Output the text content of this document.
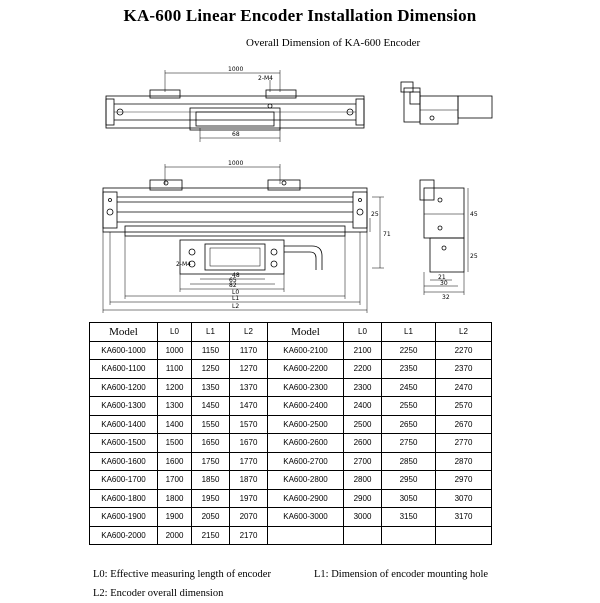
KA-600 Linear Encoder Installation Dimension
Overall Dimension of KA-600 Encoder
1000
2-M4
68
1000
48
65
82
L0
L1
L2
2-M4
71
25	45
25
21
30
32
Model	L0	L1	L2	Model	L0	L1	L2
KA600-1000	1000	1150	1170	KA600-2100	2100	2250	2270
KA600-1100	1100	1250	1270	KA600-2200	2200	2350	2370
KA600-1200	1200	1350	1370	KA600-2300	2300	2450	2470
KA600-1300	1300	1450	1470	KA600-2400	2400	2550	2570
KA600-1400	1400	1550	1570	KA600-2500	2500	2650	2670
KA600-1500	1500	1650	1670	KA600-2600	2600	2750	2770
KA600-1600	1600	1750	1770	KA600-2700	2700	2850	2870
KA600-1700	1700	1850	1870	KA600-2800	2800	2950	2970
KA600-1800	1800	1950	1970	KA600-2900	2900	3050	3070
KA600-1900	1900	2050	2070	KA600-3000	3000	3150	3170
KA600-2000	2000	2150	2170				
L0: Effective measuring length of encoder	L1: Dimension of encoder mounting hole
L2: Encoder overall dimension
